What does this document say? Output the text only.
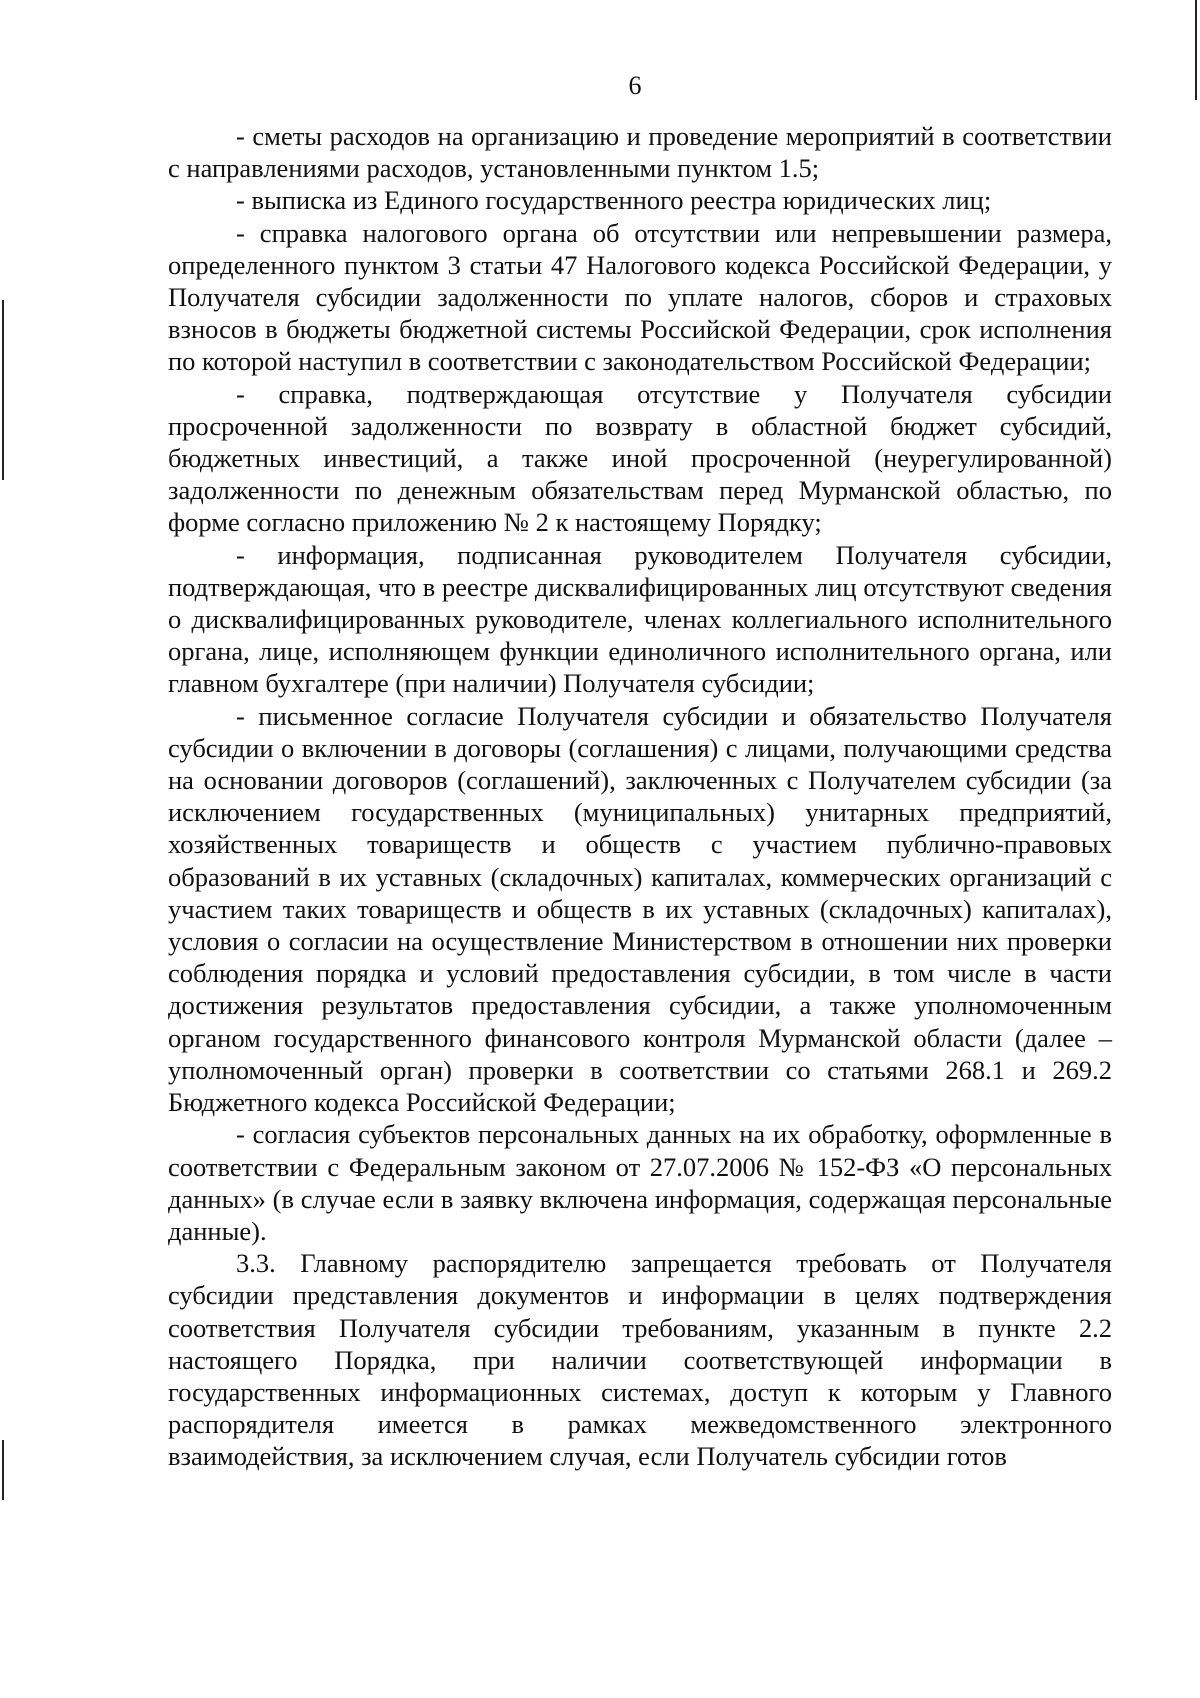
6

- сметы расходов на организацию и проведение мероприятий в соответствии с направлениями расходов, установленными пунктом 1.5;

- выписка из Единого государственного реестра юридических лиц;

- справка налогового органа об отсутствии или непревышении размера, определенного пунктом 3 статьи 47 Налогового кодекса Российской Федерации, у Получателя субсидии задолженности по уплате налогов, сборов и страховых взносов в бюджеты бюджетной системы Российской Федерации, срок исполнения по которой наступил в соответствии с законодательством Российской Федерации;

- справка, подтверждающая отсутствие у Получателя субсидии просроченной задолженности по возврату в областной бюджет субсидий, бюджетных инвестиций, а также иной просроченной (неурегулированной) задолженности по денежным обязательствам перед Мурманской областью, по форме согласно приложению № 2 к настоящему Порядку;

- информация, подписанная руководителем Получателя субсидии, подтверждающая, что в реестре дисквалифицированных лиц отсутствуют сведения о дисквалифицированных руководителе, членах коллегиального исполнительного органа, лице, исполняющем функции единоличного исполнительного органа, или главном бухгалтере (при наличии) Получателя субсидии;

- письменное согласие Получателя субсидии и обязательство Получателя субсидии о включении в договоры (соглашения) с лицами, получающими средства на основании договоров (соглашений), заключенных с Получателем субсидии (за исключением государственных (муниципальных) унитарных предприятий, хозяйственных товариществ и обществ с участием публично-правовых образований в их уставных (складочных) капиталах, коммерческих организаций с участием таких товариществ и обществ в их уставных (складочных) капиталах), условия о согласии на осуществление Министерством в отношении них проверки соблюдения порядка и условий предоставления субсидии, в том числе в части достижения результатов предоставления субсидии, а также уполномоченным органом государственного финансового контроля Мурманской области (далее – уполномоченный орган) проверки в соответствии со статьями 268.1 и 269.2 Бюджетного кодекса Российской Федерации;

- согласия субъектов персональных данных на их обработку, оформленные в соответствии с Федеральным законом от 27.07.2006 № 152-ФЗ «О персональных данных» (в случае если в заявку включена информация, содержащая персональные данные).

3.3. Главному распорядителю запрещается требовать от Получателя субсидии представления документов и информации в целях подтверждения соответствия Получателя субсидии требованиям, указанным в пункте 2.2 настоящего Порядка, при наличии соответствующей информации в государственных информационных системах, доступ к которым у Главного распорядителя имеется в рамках межведомственного электронного взаимодействия, за исключением случая, если Получатель субсидии готов
